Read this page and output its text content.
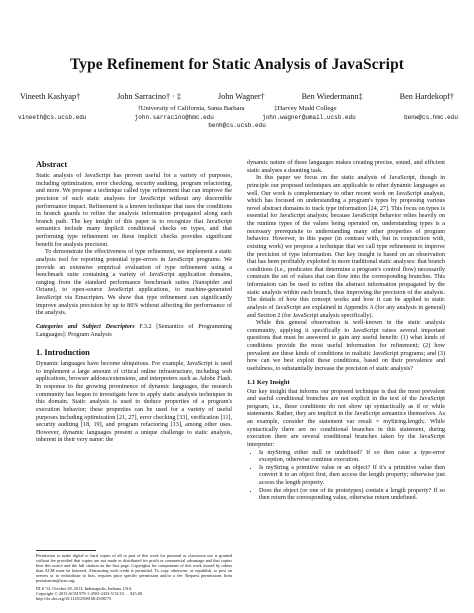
Type Refinement for Static Analysis of JavaScript
Vineeth Kashyap†	John Sarracino† · ‡	John Wagner†	Ben Wiedermann‡	Ben Hardekopf†
†University of California, Santa Barbara	‡Harvey Mudd College
vineeth@cs.ucsb.edu	john.sarracino@hmc.edu	john.wagner@umail.ucsb.edu	benw@cs.hmc.edu
benh@cs.ucsb.edu
Abstract

Static analysis of JavaScript has proven useful for a variety of purposes, including optimization, error checking, security auditing, program refactoring, and more. We propose a technique called type refinement that can improve the precision of such static analyses for JavaScript without any discernible performance impact. Refinement is a known technique that uses the conditions in branch guards to refine the analysis information propagated along each branch path. The key insight of this paper is to recognize that JavaScript semantics include many implicit conditional checks on types, and that performing type refinement on these implicit checks provides significant benefit for analysis precision.

To demonstrate the effectiveness of type refinement, we implement a static analysis tool for reporting potential type-errors in JavaScript programs. We provide an extensive empirical evaluation of type refinement using a benchmark suite containing a variety of JavaScript application domains, ranging from the standard performance benchmark suites (Sunspider and Octane), to open-source JavaScript applications, to machine-generated JavaScript via Emscripten. We show that type refinement can significantly improve analysis precision by up to 86% without affecting the performance of the analysis.

Categories and Subject Descriptors F.3.2 [Semantics of Programming Languages]: Program Analysis

1. Introduction

Dynamic languages have become ubiquitous. For example, JavaScript is used to implement a large amount of critical online infrastructure, including web applications, browser addons/extensions, and interpreters such as Adobe Flash. In response to the growing prominence of dynamic languages, the research community has begun to investigate how to apply static analysis techniques in this domain. Static analysis is used to deduce properties of a program's execution behavior; these properties can be used for a variety of useful purposes including optimization [21, 27], error checking [33], verification [11], security auditing [18, 19], and program refactoring [13], among other uses. However, dynamic languages present a unique challenge to static analysis, inherent in their very name: the

Permission to make digital or hard copies of all or part of this work for personal or classroom use is granted without fee provided that copies are not made or distributed for profit or commercial advantage and that copies bear this notice and the full citation on the first page. Copyrights for components of this work owned by others than ACM must be honored. Abstracting with credit is permitted. To copy otherwise, or republish, to post on servers or to redistribute to lists, requires prior specific permission and/or a fee. Request permissions from permissions@acm.org.

DLS '13, October 28, 2013, Indianapolis, Indiana, USA.

Copyright © 2013 ACM 978-1-4503-2433-5/13/10. . . $15.00.

http://dx.doi.org/10.1145/2508168.2508175

dynamic nature of these languages makes creating precise, sound, and efficient static analyses a daunting task.

In this paper we focus on the static analysis of JavaScript, though in principle our proposed techniques are applicable to other dynamic languages as well. Our work is complementary to other recent work on JavaScript analysis, which has focused on understanding a program's types by proposing various novel abstract domains to track type information [24, 27]. This focus on types is essential for JavaScript analysis; because JavaScript behavior relies heavily on the runtime types of the values being operated on, understanding types is a necessary prerequisite to understanding many other properties of program behavior. However, in this paper (in contrast with, but in conjunction with, existing work) we propose a technique that we call type refinement to improve the precision of type information. Our key insight is based on an observation that has been profitably exploited in more traditional static analyses: that branch conditions (i.e., predicates that determine a program's control flow) necessarily constrain the set of values that can flow into the corresponding branches. This information can be used to refine the abstract information propagated by the static analysis within each branch, thus improving the precision of the analysis. The details of how this concept works and how it can be applied to static analysis of JavaScript are explained in Appendix A (for any analysis in general) and Section 2 (for JavaScript analysis specifically).

While this general observation is well-known in the static analysis community, applying it specifically to JavaScript raises several important questions that must be answered to gain any useful benefit: (1) what kinds of conditions provide the most useful information for refinement; (2) how prevalent are these kinds of conditions in realistic JavaScript programs; and (3) how can we best exploit these conditions, based on their prevalence and usefulness, to substantially increase the precision of static analysis?

1.1 Key Insight

Our key insight that informs our proposed technique is that the most prevalent and useful conditional branches are not explicit in the text of the JavaScript program, i.e., these conditions do not show up syntactically as if or while statements. Rather, they are implicit in the JavaScript semantics themselves. As an example, consider the statement var result = myString.length;. While syntactically there are no conditional branches in this statement, during execution there are several conditional branches taken by the JavaScript interpreter:

• Is myString either null or undefined? If so then raise a type-error exception, otherwise continue execution.
• Is myString a primitive value or an object? If it's a primitive value then convert it to an object first, then access the length property; otherwise just access the length property.
• Does the object (or one of its prototypes) contain a length property? If so then return the corresponding value, otherwise return undefined.
